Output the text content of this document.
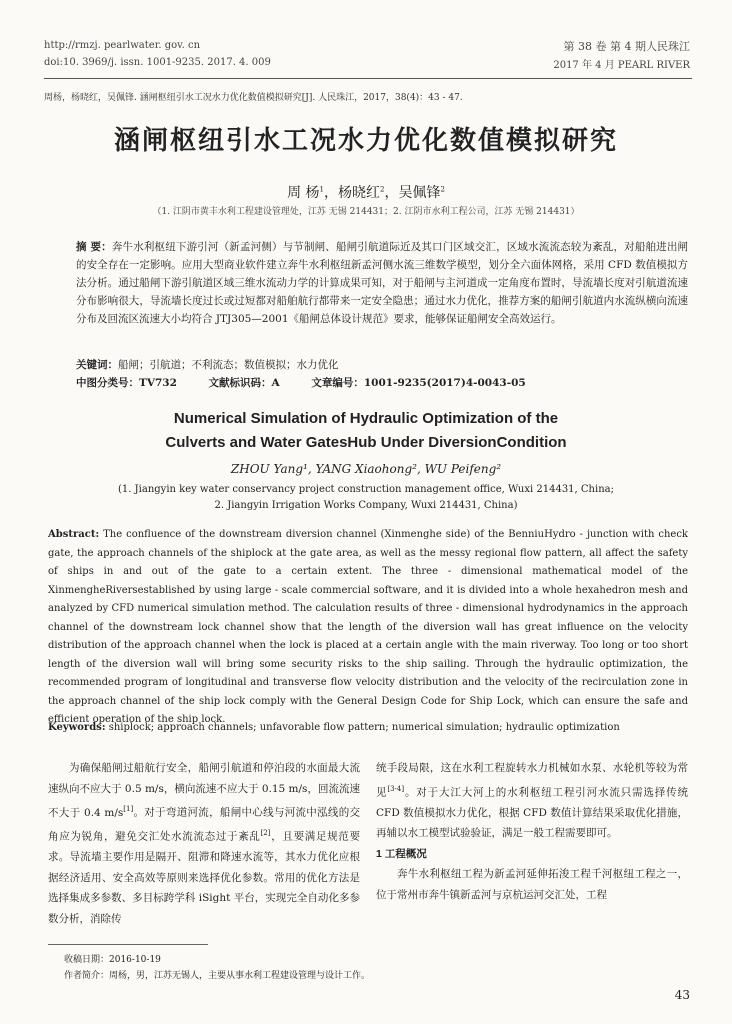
http://rmzj. pearlwater. gov. cn
doi:10. 3969/j. issn. 1001-9235. 2017. 4. 009
第 38 卷 第 4 期人民珠江
2017 年 4 月 PEARL RIVER
周杨，杨晓红，吴佩锋. 涵闸枢纽引水工况水力优化数值模拟研究[J]. 人民珠江，2017，38(4)：43 - 47.
涵闸枢纽引水工况水力优化数值模拟研究
周 杨$^1$，杨晓红$^2$，吴佩锋$^2$
（1. 江阴市黄丰水利工程建设管理处，江苏 无锡 214431；2. 江阴市水利工程公司，江苏 无锡 214431）
摘 要：奔牛水利枢纽下游引河（新孟河侧）与节制闸、船闸引航道际近及其口门区域交汇，区域水流流态较为紊乱，对船舶进出闸的安全存在一定影响。应用大型商业软件建立奔牛水利枢纽新孟河侧水流三维数学模型，划分全六面体网格，采用 CFD 数值模拟方法分析。通过船闸下游引航道区域三维水流动力学的计算成果可知，对于船闸与主河道成一定角度布置时，导流墙长度对引航道流速分布影响很大，导流墙长度过长或过短都对船舶航行都带来一定安全隐患；通过水力优化，推荐方案的船闸引航道内水流纵横向流速分布及回流区流速大小均符合 JTJ305—2001《船闸总体设计规范》要求，能够保证船闸安全高效运行。
关键词：船闸；引航道；不利流态；数值模拟；水力优化
中图分类号：TV732	文献标识码：A	文章编号：1001-9235(2017)4-0043-05
Numerical Simulation of Hydraulic Optimization of the
Culverts and Water GatesHub Under DiversionCondition
ZHOU Yang¹, YANG Xiaohong², WU Peifeng²
(1. Jiangyin key water conservancy project construction management office, Wuxi 214431, China;
2. Jiangyin Irrigation Works Company, Wuxi 214431, China)
Abstract: The confluence of the downstream diversion channel (Xinmenghe side) of the BenniuHydro - junction with check gate, the approach channels of the shiplock at the gate area, as well as the messy regional flow pattern, all affect the safety of ships in and out of the gate to a certain extent. The three - dimensional mathematical model of the XinmengheRiversestablished by using large - scale commercial software, and it is divided into a whole hexahedron mesh and analyzed by CFD numerical simulation method. The calculation results of three - dimensional hydrodynamics in the approach channel of the downstream lock channel show that the length of the diversion wall has great influence on the velocity distribution of the approach channel when the lock is placed at a certain angle with the main riverway. Too long or too short length of the diversion wall will bring some security risks to the ship sailing. Through the hydraulic optimization, the recommended program of longitudinal and transverse flow velocity distribution and the velocity of the recirculation zone in the approach channel of the ship lock comply with the General Design Code for Ship Lock, which can ensure the safe and efficient operation of the ship lock.
Keywords: shiplock; approach channels; unfavorable flow pattern; numerical simulation; hydraulic optimization
为确保船闸过船航行安全，船闸引航道和停泊段的水面最大流速纵向不应大于 0.5 m/s，横向流速不应大于 0.15 m/s，回流流速不大于 0.4 m/s[1]。对于弯道河流，船闸中心线与河流中泓线的交角应为锐角，避免交汇处水流流态过于紊乱[2]，且要满足规范要求。导流墙主要作用是隔开、阻滞和降速水流等，其水力优化应根据经济适用、安全高效等原则来选择优化参数。常用的优化方法是选择集成多参数、多目标跨学科 iSight 平台，实现完全自动化多参数分析，消除传
统手段局限，这在水利工程旋转水力机械如水泵、水轮机等较为常见[3-4]。对于大江大河上的水利枢纽工程引河水流只需选择传统 CFD 数值模拟水力优化，根据 CFD 数值计算结果采取优化措施，再辅以水工模型试验验证，满足一般工程需要即可。
1 工程概况
奔牛水利枢纽工程为新孟河延伸拓浚工程千河枢纽工程之一，位于常州市奔牛镇新孟河与京杭运河交汇处，工程
收稿日期：2016-10-19
作者简介：周杨，男，江苏无锡人，主要从事水利工程建设管理与设计工作。
43
